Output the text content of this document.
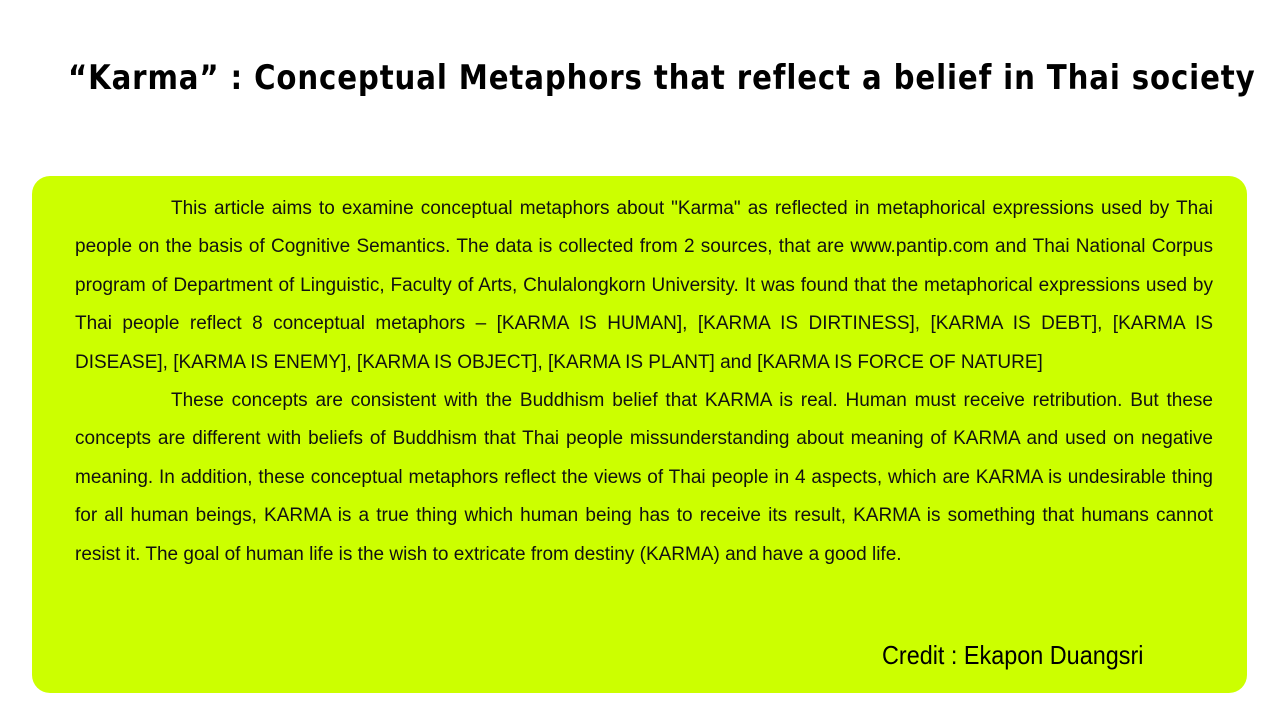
“Karma” : Conceptual Metaphors that reflect a belief in Thai society

This article aims to examine conceptual metaphors about "Karma" as reflected in metaphorical expressions used by Thai people on the basis of Cognitive Semantics. The data is collected from 2 sources, that are www.pantip.com and Thai National Corpus program of Department of Linguistic, Faculty of Arts, Chulalongkorn University. It was found that the metaphorical expressions used by Thai people reflect 8 conceptual metaphors – [KARMA IS HUMAN], [KARMA IS DIRTINESS], [KARMA IS DEBT], [KARMA IS DISEASE], [KARMA IS ENEMY], [KARMA IS OBJECT], [KARMA IS PLANT] and [KARMA IS FORCE OF NATURE]

These concepts are consistent with the Buddhism belief that KARMA is real. Human must receive retribution. But these concepts are different with beliefs of Buddhism that Thai people missunderstanding about meaning of KARMA and used on negative meaning. In addition, these conceptual metaphors reflect the views of Thai people in 4 aspects, which are KARMA is undesirable thing for all human beings, KARMA is a true thing which human being has to receive its result, KARMA is something that humans cannot resist it. The goal of human life is the wish to extricate from destiny (KARMA) and have a good life.

Credit : Ekapon Duangsri
